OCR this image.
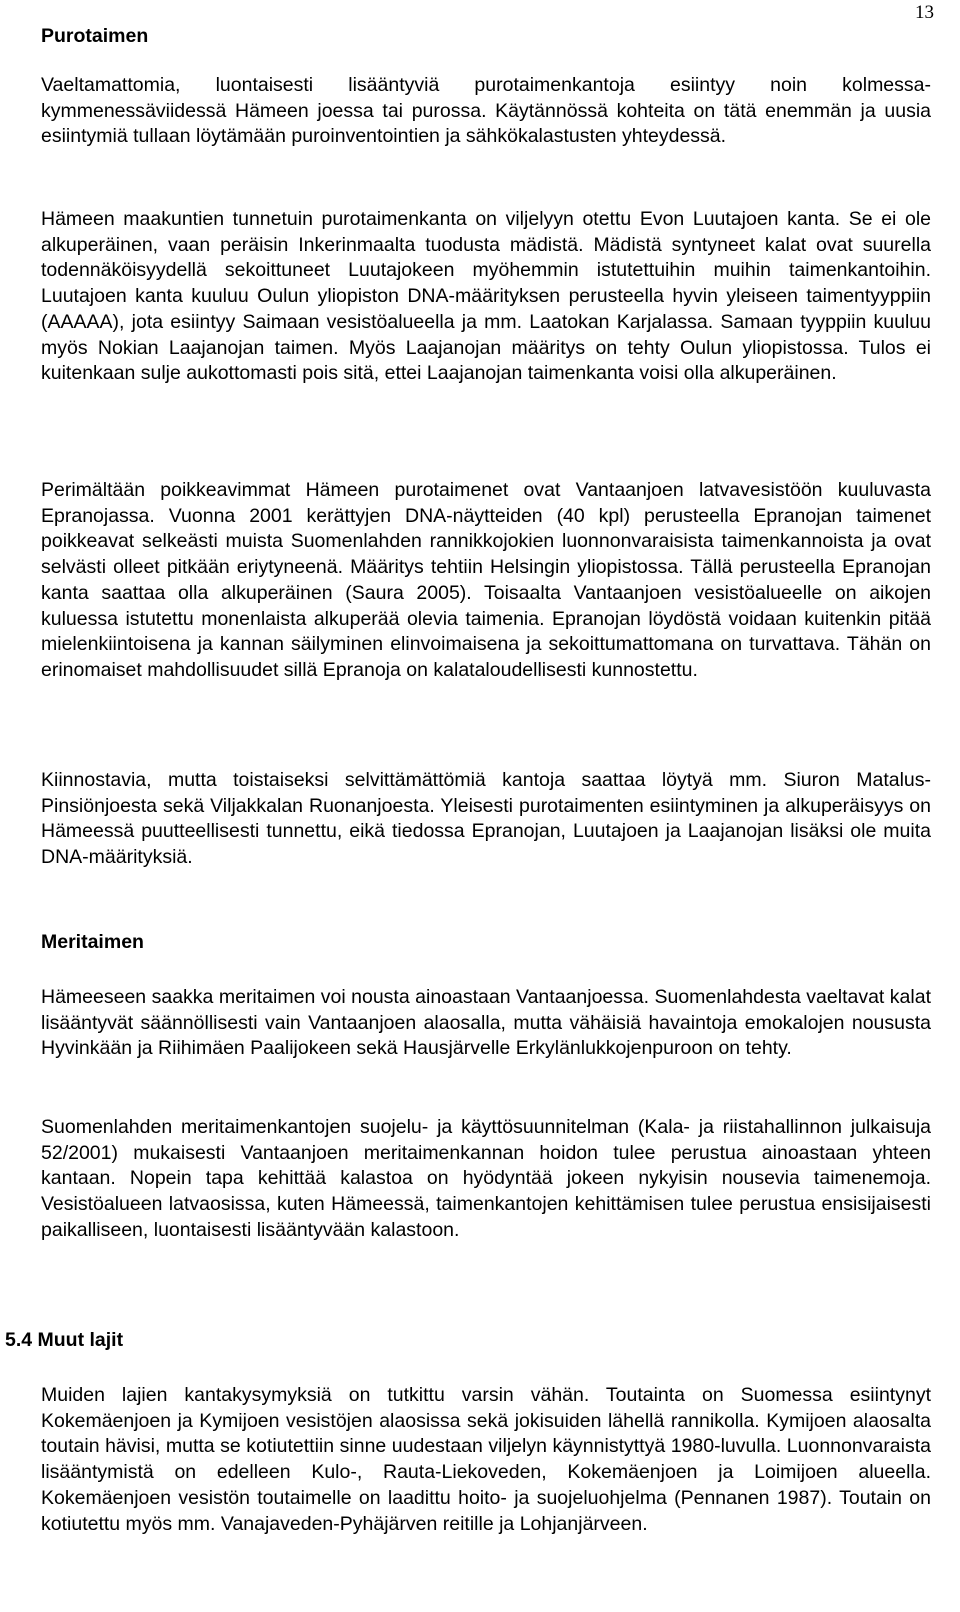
13
Purotaimen

Vaeltamattomia, luontaisesti lisääntyviä purotaimenkantoja esiintyy noin kolmessakymmenessäviidessä Hämeen joessa tai purossa. Käytännössä kohteita on tätä enemmän ja uusia esiintymiä tullaan löytämään puroinventointien ja sähkökalastusten yhteydessä.

Hämeen maakuntien tunnetuin purotaimenkanta on viljelyyn otettu Evon Luutajoen kanta. Se ei ole alkuperäinen, vaan peräisin Inkerinmaalta tuodusta mädistä. Mädistä syntyneet kalat ovat suurella todennäköisyydellä sekoittuneet Luutajokeen myöhemmin istutettuihin muihin taimenkantoihin. Luutajoen kanta kuuluu Oulun yliopiston DNA-määrityksen perusteella hyvin yleiseen taimentyyppiin (AAAAA), jota esiintyy Saimaan vesistöalueella ja mm. Laatokan Karjalassa. Samaan tyyppiin kuuluu myös Nokian Laajanojan taimen. Myös Laajanojan määritys on tehty Oulun yliopistossa. Tulos ei kuitenkaan sulje aukottomasti pois sitä, ettei Laajanojan taimenkanta voisi olla alkuperäinen.

Perimältään poikkeavimmat Hämeen purotaimenet ovat Vantaanjoen latvavesistöön kuuluvasta Epranojassa. Vuonna 2001 kerättyjen DNA-näytteiden (40 kpl) perusteella Epranojan taimenet poikkeavat selkeästi muista Suomenlahden rannikkojokien luonnonvaraisista taimenkannoista ja ovat selvästi olleet pitkään eriytyneenä. Määritys tehtiin Helsingin yliopistossa. Tällä perusteella Epranojan kanta saattaa olla alkuperäinen (Saura 2005). Toisaalta Vantaanjoen vesistöalueelle on aikojen kuluessa istutettu monenlaista alkuperää olevia taimenia. Epranojan löydöstä voidaan kuitenkin pitää mielenkiintoisena ja kannan säilyminen elinvoimaisena ja sekoittumattomana on turvattava. Tähän on erinomaiset mahdollisuudet sillä Epranoja on kalataloudellisesti kunnostettu.

Kiinnostavia, mutta toistaiseksi selvittämättömiä kantoja saattaa löytyä mm. Siuron Matalus-Pinsiönjoesta sekä Viljakkalan Ruonanjoesta. Yleisesti purotaimenten esiintyminen ja alkuperäisyys on Hämeessä puutteellisesti tunnettu, eikä tiedossa Epranojan, Luutajoen ja Laajanojan lisäksi ole muita DNA-määrityksiä.

Meritaimen

Hämeeseen saakka meritaimen voi nousta ainoastaan Vantaanjoessa. Suomenlahdesta vaeltavat kalat lisääntyvät säännöllisesti vain Vantaanjoen alaosalla, mutta vähäisiä havaintoja emokalojen noususta Hyvinkään ja Riihimäen Paalijokeen sekä Hausjärvelle Erkylänlukkojenpuroon on tehty.

Suomenlahden meritaimenkantojen suojelu- ja käyttösuunnitelman (Kala- ja riistahallinnon julkaisuja 52/2001) mukaisesti Vantaanjoen meritaimenkannan hoidon tulee perustua ainoastaan yhteen kantaan. Nopein tapa kehittää kalastoa on hyödyntää jokeen nykyisin nousevia taimenemoja. Vesistöalueen latvaosissa, kuten Hämeessä, taimenkantojen kehittämisen tulee perustua ensisijaisesti paikalliseen, luontaisesti lisääntyvään kalastoon.

5.4 Muut lajit

Muiden lajien kantakysymyksiä on tutkittu varsin vähän. Toutainta on Suomessa esiintynyt Kokemäenjoen ja Kymijoen vesistöjen alaosissa sekä jokisuiden lähellä rannikolla. Kymijoen alaosalta toutain hävisi, mutta se kotiutettiin sinne uudestaan viljelyn käynnistyttyä 1980-luvulla. Luonnonvaraista lisääntymistä on edelleen Kulo-, Rauta-Liekoveden, Kokemäenjoen ja Loimijoen alueella. Kokemäenjoen vesistön toutaimelle on laadittu hoito- ja suojeluohjelma (Pennanen 1987). Toutain on kotiutettu myös mm. Vanajaveden-Pyhäjärven reitille ja Lohjanjärveen.
